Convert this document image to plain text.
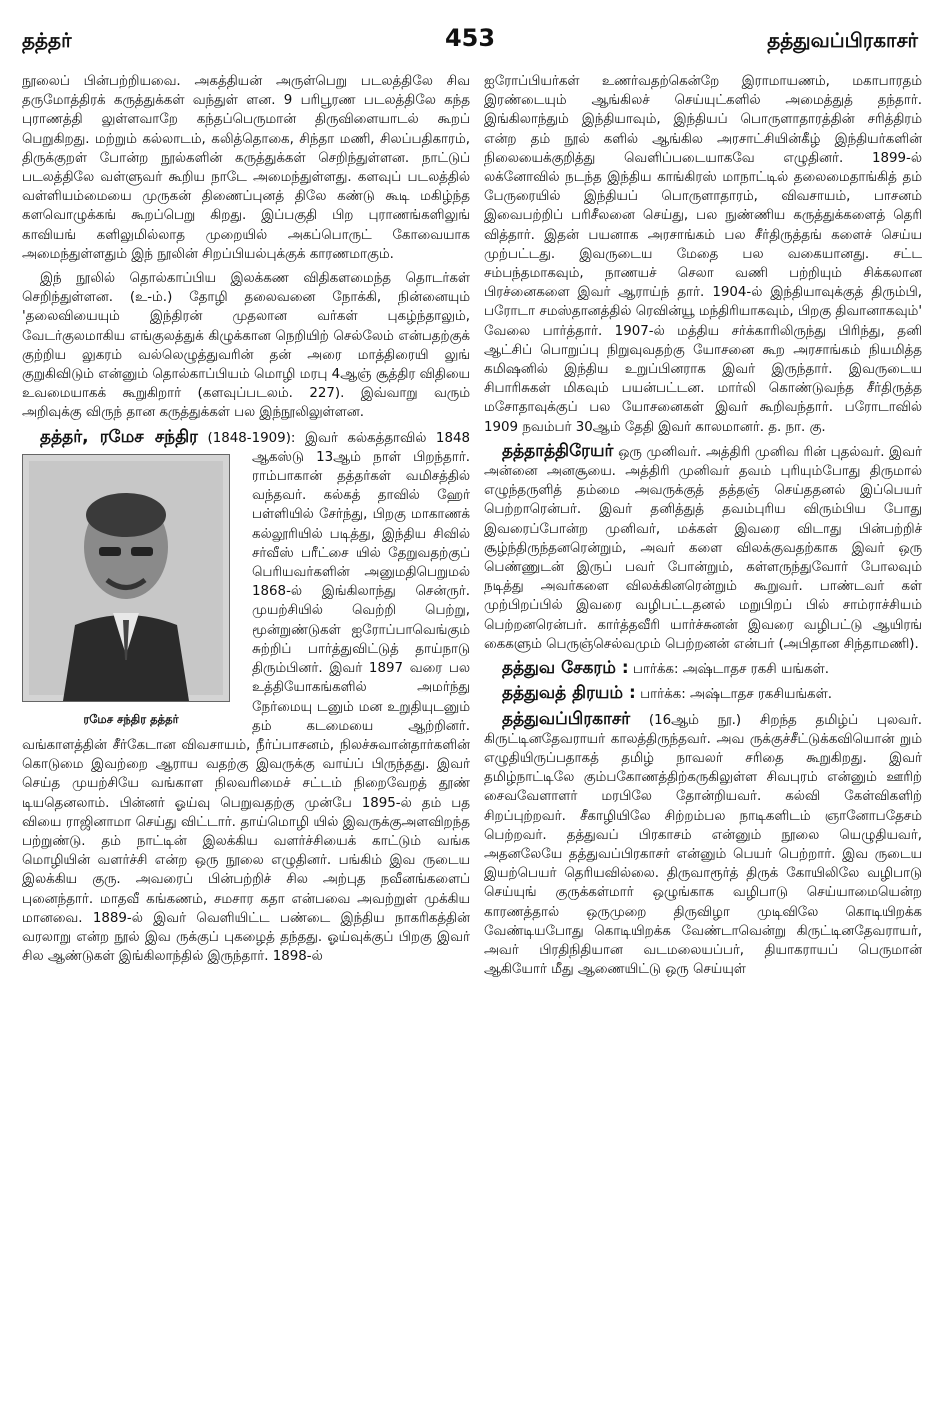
தத்தர்	453	தத்துவப்பிரகாசர்

நூலைப் பின்பற்றியவை. அகத்தியன் அருள்பெறு படலத்திலே சிவ தருமோத்திரக் கருத்துக்கள் வந்துள் ளன. 9 பரிபூரண படலத்திலே கந்த புராணத்தி லுள்ளவாறே கந்தப்பெருமான் திருவிளையாடல் கூறப் பெறுகிறது. மற்றும் கல்லாடம், கலித்தொகை, சிந்தா மணி, சிலப்பதிகாரம், திருக்குறள் போன்ற நூல்களின் கருத்துக்கள் செறிந்துள்ளன. நாட்டுப் படலத்திலே வள்ளுவர் கூறிய நாடே அமைந்துள்ளது. களவுப் படலத்தில் வள்ளியம்மையை முருகன் திணைப்புனத் திலே கண்டு கூடி மகிழ்ந்த களவொழுக்கங் கூறப்பெறு கிறது. இப்பகுதி பிற புராணங்களிலுங் காவியங் களிலுமில்லாத முறையில் அகப்பொருட் கோவையாக அமைந்துள்ளதும் இந் நூலின் சிறப்பியல்புக்குக் காரணமாகும்.

இந் நூலில் தொல்காப்பிய இலக்கண விதிகளமைந்த தொடர்கள் செறிந்துள்ளன. (உ-ம்.) தோழி தலைவனை நோக்கி, நின்னையும் 'தலைவியையும் இந்திரன் முதலான வர்கள் புகழ்ந்தாலும், வேடர்குலமாகிய எங்குலத்துக் கிழுக்கான நெறியிற் செல்லேம் என்பதற்குக் குற்றிய லுகரம் வல்லெழுத்துவரின் தன் அரை மாத்திரையி லுங் குறுகிவிடும் என்னும் தொல்காப்பியம் மொழி மரபு 4ஆஞ் சூத்திர விதியை உவமையாகக் கூறுகிறார் (களவுப்படலம். 227). இவ்வாறு வரும் அறிவுக்கு விருந் தான கருத்துக்கள் பல இந்நூலிலுள்ளன.

தத்தர், ரமேச சந்திர (1848-1909):
ரமேச சந்திர தத்தர்
இவர் கல்கத்தாவில் 1848 ஆகஸ்டு 13ஆம் நாள் பிறந்தார். ராம்பாகான் தத்தர்கள் வமிசத்தில் வந்தவர். கல்கத் தாவில் ஹேர் பள்ளியில் சேர்ந்து, பிறகு மாகாணக் கல்லூரியில் படித்து, இந்திய சிவில் சர்வீஸ் பரீட்சை யில் தேறுவதற்குப் பெரியவர்களின் அனுமதிபெறுமல் 1868-ல் இங்கிலாந்து சென்ருர். முயற்சியில் வெற்றி பெற்று, மூன்றுண்டுகள் ஐரோப்பாவெங்கும் சுற்றிப் பார்த்துவிட்டுத் தாய்நாடு திரும்பினர். இவர் 1897 வரை பல உத்தியோகங்களில் அமர்ந்து நேர்மையு டனும் மன உறுதியுடனும் தம் கடமையை ஆற்றினர். வங்காளத்தின் சீர்கேடான விவசாயம், நீர்ப்பாசனம், நிலச்சுவான்தார்களின் கொடுமை இவற்றை ஆராய வதற்கு இவருக்கு வாய்ப் பிருந்தது. இவர் செய்த முயற்சியே வங்காள நிலவரிமைச் சட்டம் நிறைவேறத் தூண் டியதெனலாம். பின்னர் ஓய்வு பெறுவதற்கு முன்பே 1895-ல் தம் பத வியை ராஜினாமா செய்து விட்டார். தாய்மொழி யில் இவருக்குஅளவிறந்த பற்றுண்டு. தம் நாட்டின் இலக்கிய வளர்ச்சியைக் காட்டும் வங்க மொழியின் வளர்ச்சி என்ற ஒரு நூலை எழுதினர். பங்கிம் இவ ருடைய இலக்கிய குரு. அவரைப் பின்பற்றிச் சில அற்புத நவீனங்களைப் புனைந்தார். மாதவீ கங்கணம், சமசார கதா என்பவை அவற்றுள் முக்கிய மானவை. 1889-ல் இவர் வெளியிட்ட பண்டை இந்திய நாகரிகத்தின் வரலாறு என்ற நூல் இவ ருக்குப் புகழைத் தந்தது. ஓய்வுக்குப் பிறகு இவர் சில ஆண்டுகள் இங்கிலாந்தில் இருந்தார். 1898-ல்

ஐரோப்பியர்கள் உணர்வதற்கென்றே இராமாயணம், மகாபாரதம் இரண்டையும் ஆங்கிலச் செய்யுட்களில் அமைத்துத் தந்தார். இங்கிலாந்தும் இந்தியாவும், இந்தியப் பொருளாதாரத்தின் சரித்திரம் என்ற தம் நூல் களில் ஆங்கில அரசாட்சியின்கீழ் இந்தியர்களின் நிலையைக்குறித்து வெளிப்படையாகவே எழுதினர். 1899-ல் லக்னோவில் நடந்த இந்திய காங்கிரஸ் மாநாட்டில் தலைமைதாங்கித் தம் பேருரையில் இந்தியப் பொருளாதாரம், விவசாயம், பாசனம் இவைபற்றிப் பரிசீலனை செய்து, பல நுண்ணிய கருத்துக்களைத் தெரி வித்தார். இதன் பயனாக அரசாங்கம் பல சீர்திருத்தங் களைச் செய்ய முற்பட்டது. இவருடைய மேதை பல வகையானது. சட்ட சம்பந்தமாகவும், நாணயச் செலா வணி பற்றியும் சிக்கலான பிரச்னைகளை இவர் ஆராய்ந் தார். 1904-ல் இந்தியாவுக்குத் திரும்பி, பரோடா சமஸ்தானத்தில் ரெவின்யூ மந்திரியாகவும், பிறகு திவானாகவும்' வேலை பார்த்தார். 1907-ல் மத்திய சர்க்காரிலிருந்து பிரிந்து, தனி ஆட்சிப் பொறுப்பு நிறுவுவதற்கு யோசனை கூற அரசாங்கம் நியமித்த கமிஷனில் இந்திய உறுப்பினராக இவர் இருந்தார். இவருடைய சிபாரிசுகள் மிகவும் பயன்பட்டன. மார்லி கொண்டுவந்த சீர்திருத்த மசோதாவுக்குப் பல யோசனைகள் இவர் கூறிவந்தார். பரோடாவில் 1909 நவம்பர் 30ஆம் தேதி இவர் காலமானர். த. நா. கு.

தத்தாத்திரேயர் ஒரு முனிவர். அத்திரி முனிவ ரின் புதல்வர். இவர் அன்னை அனசூயை. அத்திரி முனிவர் தவம் புரியும்போது திருமால் எழுந்தருளித் தம்மை அவருக்குத் தத்தஞ் செய்ததனல் இப்பெயர் பெற்றாரென்பர். இவர் தனித்துத் தவம்புரிய விரும்பிய போது இவரைப்போன்ற முனிவர், மக்கள் இவரை விடாது பின்பற்றிச் சூழ்ந்திருந்தனரென்றும், அவர் களை விலக்குவதற்காக இவர் ஒரு பெண்ணுடன் இருப் பவர் போன்றும், கள்ளருந்துவோர் போலவும் நடித்து அவர்களை விலக்கினரென்றும் கூறுவர். பாண்டவர் கள் முற்பிறப்பில் இவரை வழிபட்டதனல் மறுபிறப் பில் சாம்ராச்சியம் பெற்றனரென்பர். கார்த்தவீரி யார்ச்சுனன் இவரை வழிபட்டு ஆயிரங் கைகளும் பெருஞ்செல்வமும் பெற்றனன் என்பர் (அபிதான சிந்தாமணி).

தத்துவ சேகரம் : பார்க்க: அஷ்டாதச ரகசி யங்கள்.

தத்துவத் திரயம் : பார்க்க: அஷ்டாதச ரகசியங்கள்.

தத்துவப்பிரகாசர் (16ஆம் நூ.) சிறந்த தமிழ்ப் புலவர். கிருட்டினதேவராயர் காலத்திருந்தவர். அவ ருக்குச்சீட்டுக்கவியொன் றும் எழுதியிருப்பதாகத் தமிழ் நாவலர் சரிதை கூறுகிறது. இவர் தமிழ்நாட்டிலே கும்பகோணத்திற்கருகிலுள்ள சிவபுரம் என்னும் ஊரிற் சைவவேளாளர் மரபிலே தோன்றியவர். கல்வி கேள்விகளிற் சிறப்புற்றவர். சீகாழியிலே சிற்றம்பல நாடிகளிடம் ஞானோபதேசம் பெற்றவர். தத்துவப் பிரகாசம் என்னும் நூலை யெழுதியவர், அதனலேயே தத்துவப்பிரகாசர் என்னும் பெயர் பெற்றார். இவ ருடைய இயற்பெயர் தெரியவில்லை. திருவாரூர்த் திருக் கோயிலிலே வழிபாடு செய்யுங் குருக்கள்மார் ஒழுங்காக வழிபாடு செய்யாமையென்ற காரணத்தால் ஒருமுறை திருவிழா முடிவிலே கொடியிறக்க வேண்டியபோது கொடியிறக்க வேண்டாவென்று கிருட்டினதேவராயர், அவர் பிரதிநிதியான வடமலையப்பர், தியாகராயப் பெருமான் ஆகியோர் மீது ஆணையிட்டு ஒரு செய்யுள்
